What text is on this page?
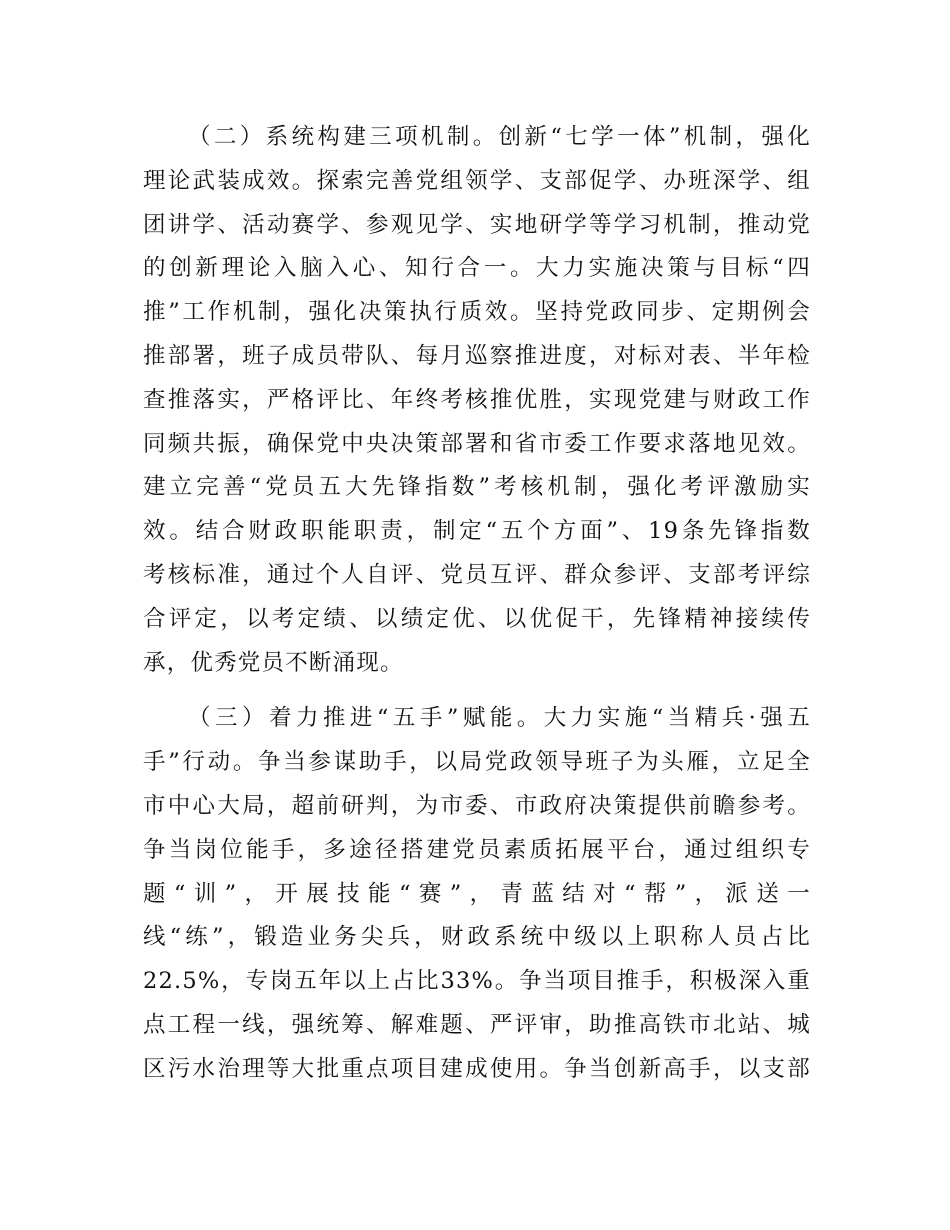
（二）系统构建三项机制。创新“七学一体”机制，强化
理论武装成效。探索完善党组领学、支部促学、办班深学、组
团讲学、活动赛学、参观见学、实地研学等学习机制，推动党
的创新理论入脑入心、知行合一。大力实施决策与目标“四
推”工作机制，强化决策执行质效。坚持党政同步、定期例会
推部署，班子成员带队、每月巡察推进度，对标对表、半年检
查推落实，严格评比、年终考核推优胜，实现党建与财政工作
同频共振，确保党中央决策部署和省市委工作要求落地见效。
建立完善“党员五大先锋指数”考核机制，强化考评激励实
效。结合财政职能职责，制定“五个方面”、19条先锋指数
考核标准，通过个人自评、党员互评、群众参评、支部考评综
合评定，以考定绩、以绩定优、以优促干，先锋精神接续传
承，优秀党员不断涌现。

（三）着力推进“五手”赋能。大力实施“当精兵·强五
手”行动。争当参谋助手，以局党政领导班子为头雁，立足全
市中心大局，超前研判，为市委、市政府决策提供前瞻参考。
争当岗位能手，多途径搭建党员素质拓展平台，通过组织专
题“训”，开展技能“赛”，青蓝结对“帮”，派送一
线“练”，锻造业务尖兵，财政系统中级以上职称人员占比
22.5%，专岗五年以上占比33%。争当项目推手，积极深入重
点工程一线，强统筹、解难题、严评审，助推高铁市北站、城
区污水治理等大批重点项目建成使用。争当创新高手，以支部
